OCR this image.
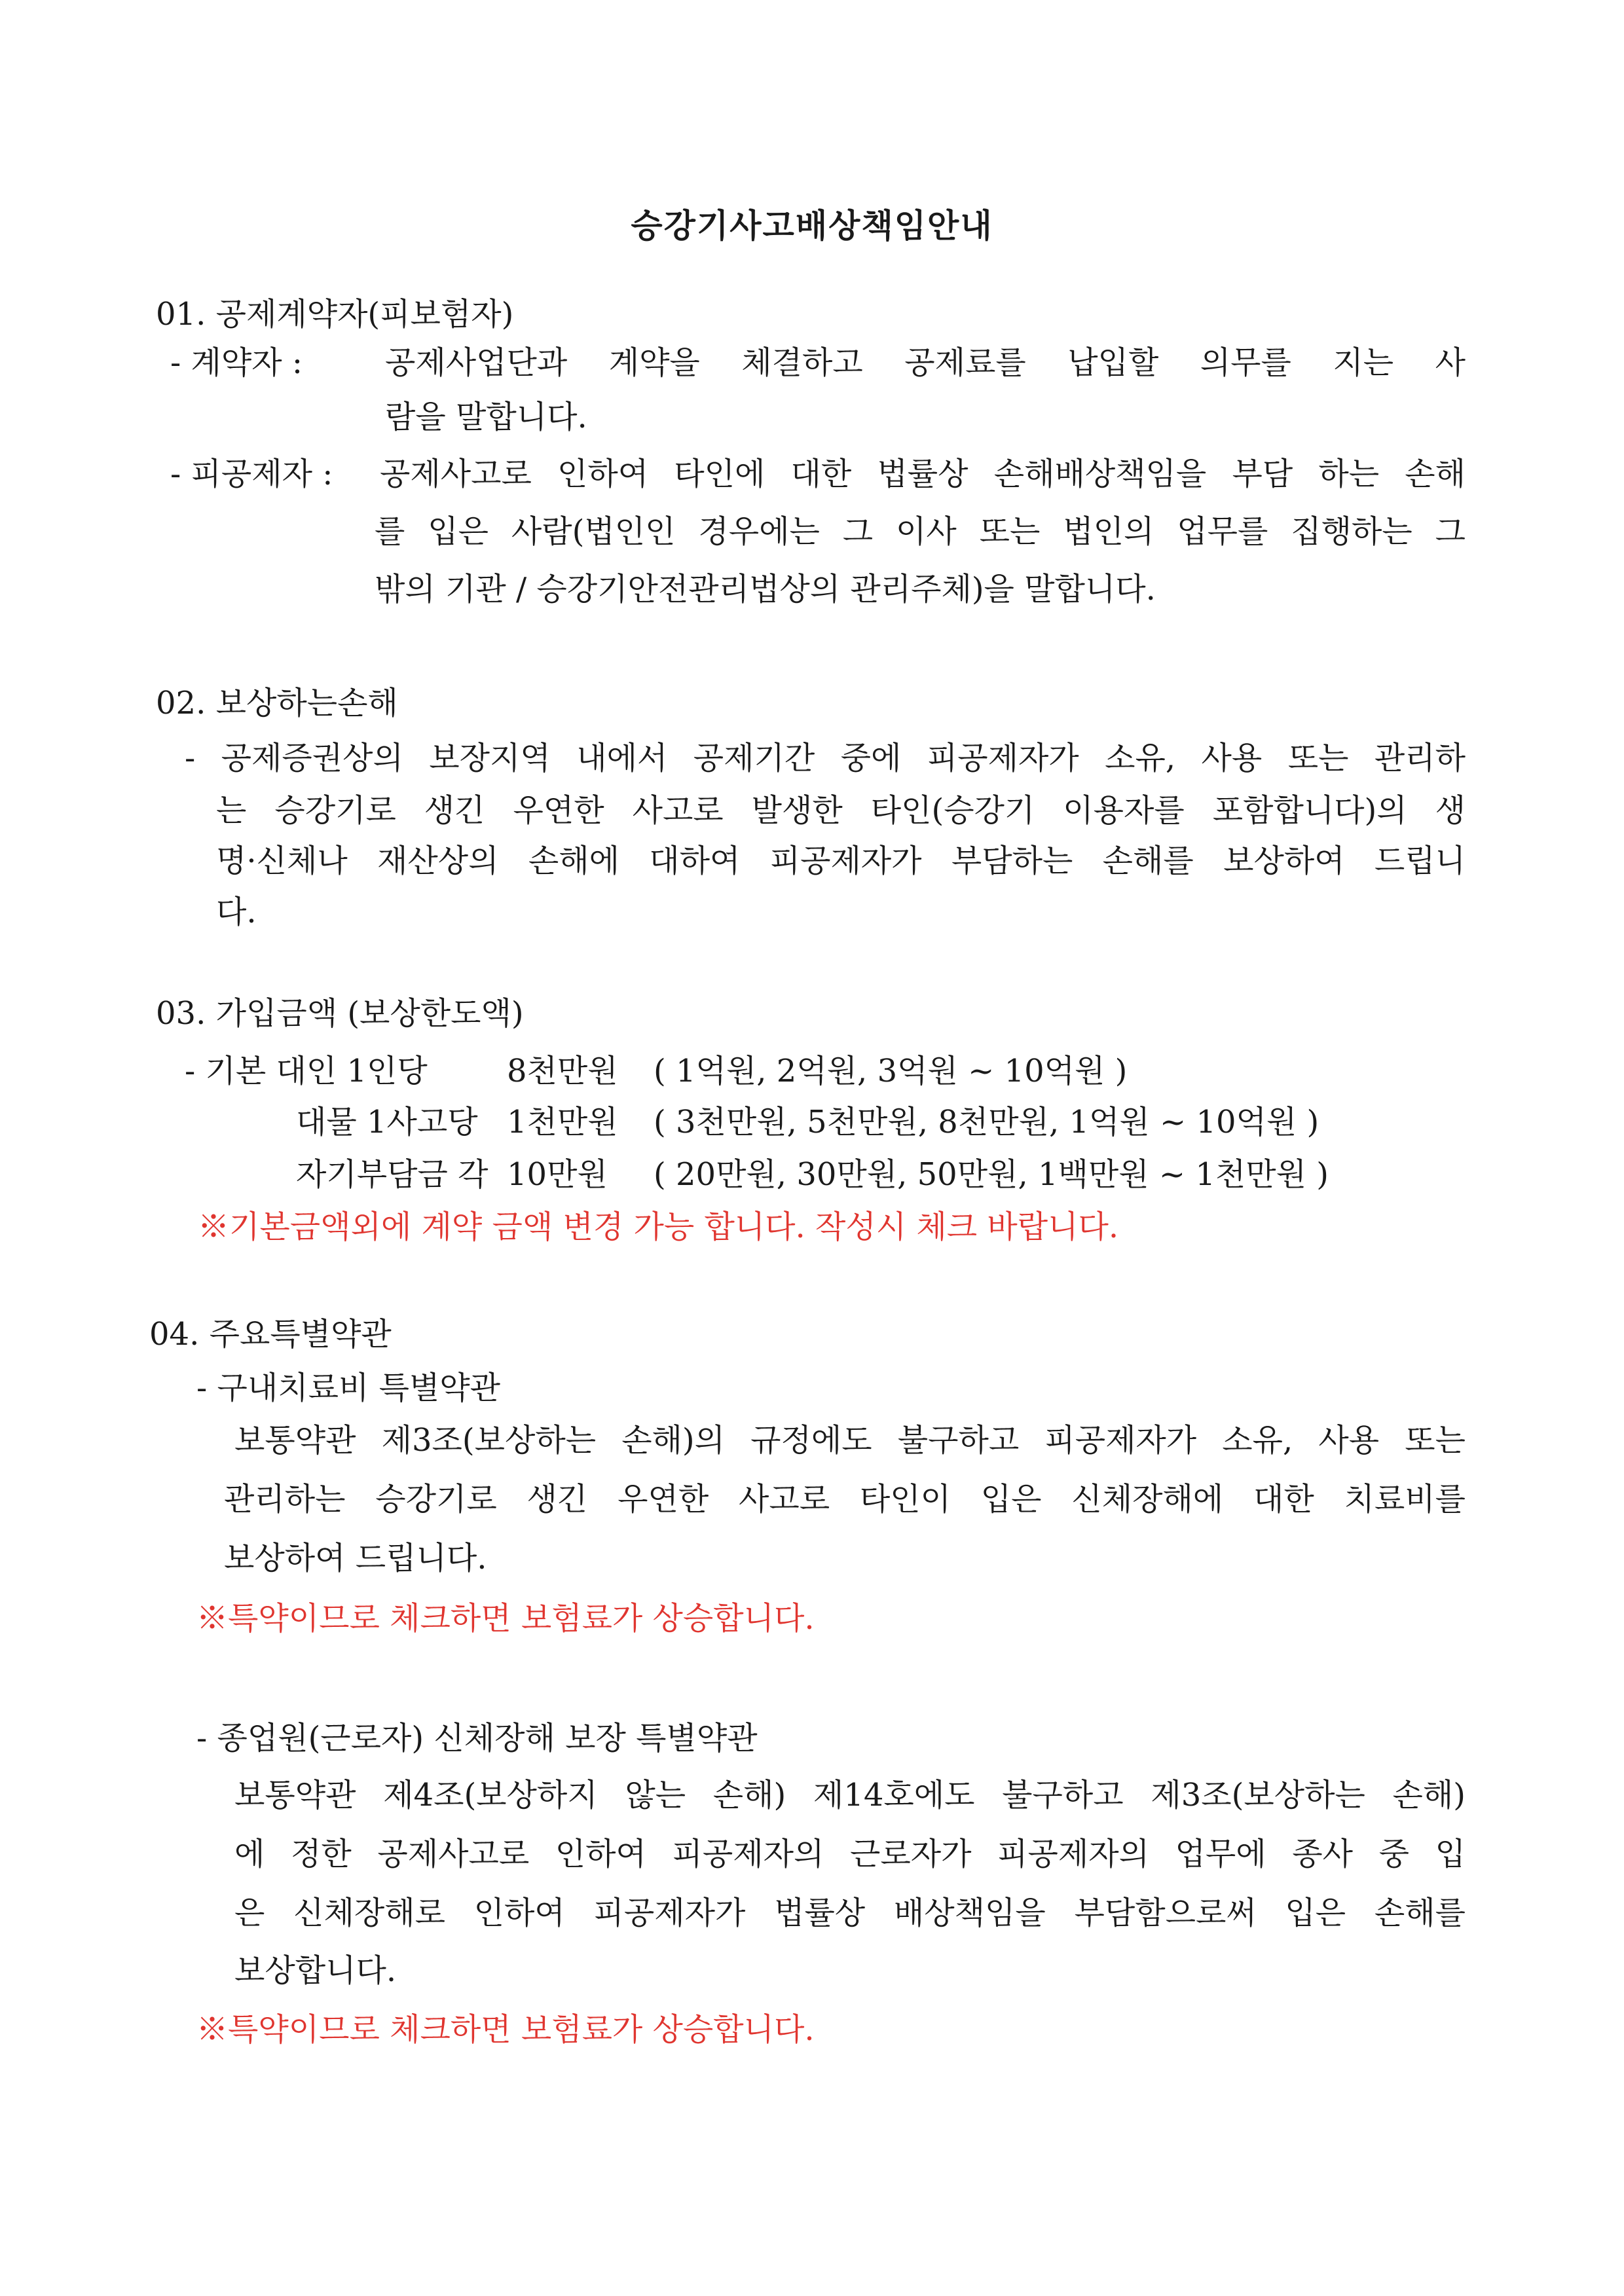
승강기사고배상책임안내
01. 공제계약자(피보험자)
- 계약자 :	공제사업단과 계약을 체결하고 공제료를 납입할 의무를 지는 사
람을 말합니다.
- 피공제자 : 공제사고로 인하여 타인에 대한 법률상 손해배상책임을 부담 하는 손해
를 입은 사람(법인인 경우에는 그 이사 또는 법인의 업무를 집행하는 그
밖의 기관 / 승강기안전관리법상의 관리주체)을 말합니다.
02. 보상하는손해
- 공제증권상의 보장지역 내에서 공제기간 중에 피공제자가 소유, 사용 또는 관리하
는 승강기로 생긴 우연한 사고로 발생한 타인(승강기 이용자를 포함합니다)의 생
명·신체나 재산상의 손해에 대하여 피공제자가 부담하는 손해를 보상하여 드립니
다.
03. 가입금액 (보상한도액)
- 기본 대인 1인당	8천만원 ( 1억원, 2억원, 3억원 ~ 10억원 )
대물 1사고당 1천만원 ( 3천만원, 5천만원, 8천만원, 1억원 ~ 10억원 )
자기부담금 각 10만원 ( 20만원, 30만원, 50만원, 1백만원 ~ 1천만원 )
※기본금액외에 계약 금액 변경 가능 합니다. 작성시 체크 바랍니다.
04. 주요특별약관
- 구내치료비 특별약관
보통약관 제3조(보상하는 손해)의 규정에도 불구하고 피공제자가 소유, 사용 또는
관리하는 승강기로 생긴 우연한 사고로 타인이 입은 신체장해에 대한 치료비를
보상하여 드립니다.
※특약이므로 체크하면 보험료가 상승합니다.
- 종업원(근로자) 신체장해 보장 특별약관
보통약관 제4조(보상하지 않는 손해) 제14호에도 불구하고 제3조(보상하는 손해)
에 정한 공제사고로 인하여 피공제자의 근로자가 피공제자의 업무에 종사 중 입
은 신체장해로 인하여 피공제자가 법률상 배상책임을 부담함으로써 입은 손해를
보상합니다.
※특약이므로 체크하면 보험료가 상승합니다.
